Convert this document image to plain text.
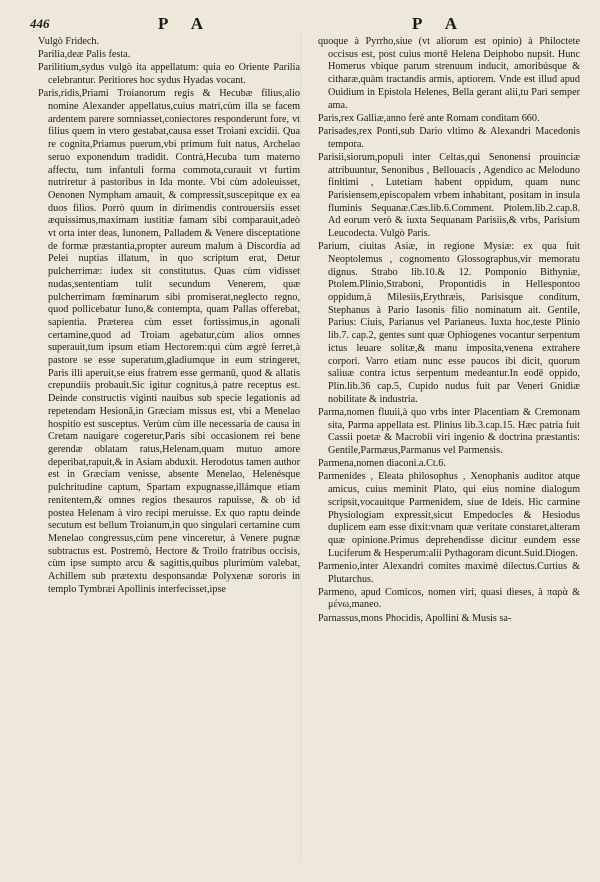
446	P A	P A

Vulgò Fridech.

Parilia,deæ Palis festa.

Parilitium,sydus vulgò ita appellatum: quia eo Oriente Parilia celebrantur. Peritiores hoc sydus Hyadas vocant.

Paris,ridis,Priami Troianorum regis & Hecubæ filius,alio nomine Alexander appellatus,cuius matri,cùm illa se facem ardentem parere somniasset,coniectores responderunt fore, vt filius quem in vtero gestabat,causa esset Troiani excidii. Qua re cognita,Priamus puerum,vbi primum fuit natus, Archelao seruo exponendum tradidit. Contrà,Hecuba tum materno affectu, tum infantuli forma commota,curauit vt furtim nutriretur à pastoribus in Ida monte. Vbi cùm adoleuisset, Oenonen Nympham amauit, & compressit,suscepitque ex ea duos filios. Porrò quum in dirimendis controuersiis esset æquissimus,maximam iustitiæ famam sibi comparauit,adeò vt orta inter deas, Iunonem, Palladem & Venere disceptatione de formæ præstantia,propter aureum malum à Discordia ad Pelei nuptias illatum, in quo scriptum erat, Detur pulcherrimæ: iudex sit constitutus. Quas cùm vidisset nudas,sententiam tulit secundum Venerem, quæ pulcherrimam fœminarum sibi promiserat,neglecto regno, quod pollicebatur Iuno,& contempta, quam Pallas offerebat, sapientia. Præterea cùm esset fortissimus,in agonali certamine,quod ad Troiam agebatur,cùm alios omnes superauit,tum ipsum etiam Hectorem:qui cùm ægrè ferret,à pastore se esse superatum,gladiumque in eum stringeret, Paris illi aperuit,se eius fratrem esse germanū, quod & allatis crepundiis probauit.Sic igitur cognitus,à patre receptus est. Deinde constructis viginti nauibus sub specie legationis ad repetendam Hesionā,in Græciam missus est, vbi a Menelao hospitio est susceptus. Verùm cùm ille necessaria de causa in Cretam nauigare cogeretur,Paris sibi occasionem rei bene gerendæ oblatam ratus,Helenam,quam mutuo amore deperibat,rapuit,& in Asiam abduxit. Herodotus tamen author est in Græciam venisse, absente Menelao, Helenésque pulchritudine captum, Spartam expugnasse,illámque etiam renitentem,& omnes regios thesauros rapuisse, & ob id postea Helenam à viro recipi meruisse. Ex quo raptu deinde secutum est bellum Troianum,in quo singulari certamine cum Menelao congressus,cùm pene vinceretur, à Venere pugnæ subtractus est. Postremò, Hectore & Troilo fratribus occisis, cùm ipse sumpto arcu & sagittis,quibus plurimùm valebat, Achillem sub prætextu desponsandæ Polyxenæ sororis in templo Tymbræi Apollinis interfecisset,ipse

quoque à Pyrrho,siue (vt aliorum est opinio) à Philoctete occisus est, post cuius mortē Helena Deiphobo nupsit. Hunc Homerus vbique parum strenuum inducit, amoribúsque & citharæ,quàm tractandis armis, aptiorem. Vnde est illud apud Ouidium in Epistola Helenes, Bella gerant alii,tu Pari semper ama.

Paris,rex Galliæ,anno ferè ante Romam conditam 660.

Parisades,rex Ponti,sub Dario vltimo & Alexandri Macedonis tempora.

Parisii,siorum,populi inter Celtas,qui Senonensi prouinciæ attribuuntur, Senonibus , Bellouacis , Agendico ac Meloduno finitimi , Lutetiam habent oppidum, quam nunc Parisiensem,episcopalem vrbem inhabitant, positam in insula fluminis Sequanæ.Cæs.lib.6.Comment. Ptolem.lib.2.cap.8. Ad eorum verò & iuxta Sequanam Parisiis,& vrbs, Parisium Leucodecta. Vulgò Paris.

Parium, ciuitas Asiæ, in regione Mysiæ: ex qua fuit Neoptolemus , cognomento Glossographus,vir memoratu dignus. Strabo lib.10.& 12. Pomponio Bithyniæ, Ptolem.Plinio,Straboni, Propontidis in Hellespontoo oppidum,à Milesiis,Erythræis, Parisisque conditum, Stephanus à Pario Iasonis filio nominatum ait. Gentile, Parius: Ciuis, Parianus vel Parianeus. Iuxta hoc,teste Plinio lib.7. cap.2, gentes sunt quæ Ophiogenes vocantur serpentum ictus leuare solitæ,& manu imposita,venena extrahere corpori. Varro etiam nunc esse paucos ibi dicit, quorum saliuæ contra ictus serpentum medeantur.In eodē oppido, Plin.lib.36 cap.5, Cupido nudus fuit par Veneri Gnidiæ nobilitate & industria.

Parma,nomen fluuii,à quo vrbs inter Placentiam & Cremonam sita, Parma appellata est. Plinius lib.3.cap.15. Hæc patria fuit Cassii poetæ & Macrobii viri ingenio & doctrina præstantis: Gentile,Parmæus,Parmanus vel Parmensis.

Parmena,nomen diaconi.a.Ct.6.

Parmenides , Eleata philosophus , Xenophanis auditor atque amicus, cuius meminit Plato, qui eius nomine dialogum scripsit,vocauitque Parmenidem, siue de Ideis. Hic carmine Physiologiam expressit,sicut Empedocles & Hesiodus duplicem eam esse dixit:vnam quæ veritate constaret,alteram quæ opinione.Primus deprehendisse dicitur eundem esse Luciferum & Hesperum:alii Pythagoram dicunt.Suid.Diogen.

Parmenio,inter Alexandri comites maximè dilectus.Curtius & Plutarchus.

Parmeno, apud Comicos, nomen viri, quasi dieses, à παρὰ & μένω,maneo.

Parnassus,mons Phocidis, Apollini & Musis sa-
